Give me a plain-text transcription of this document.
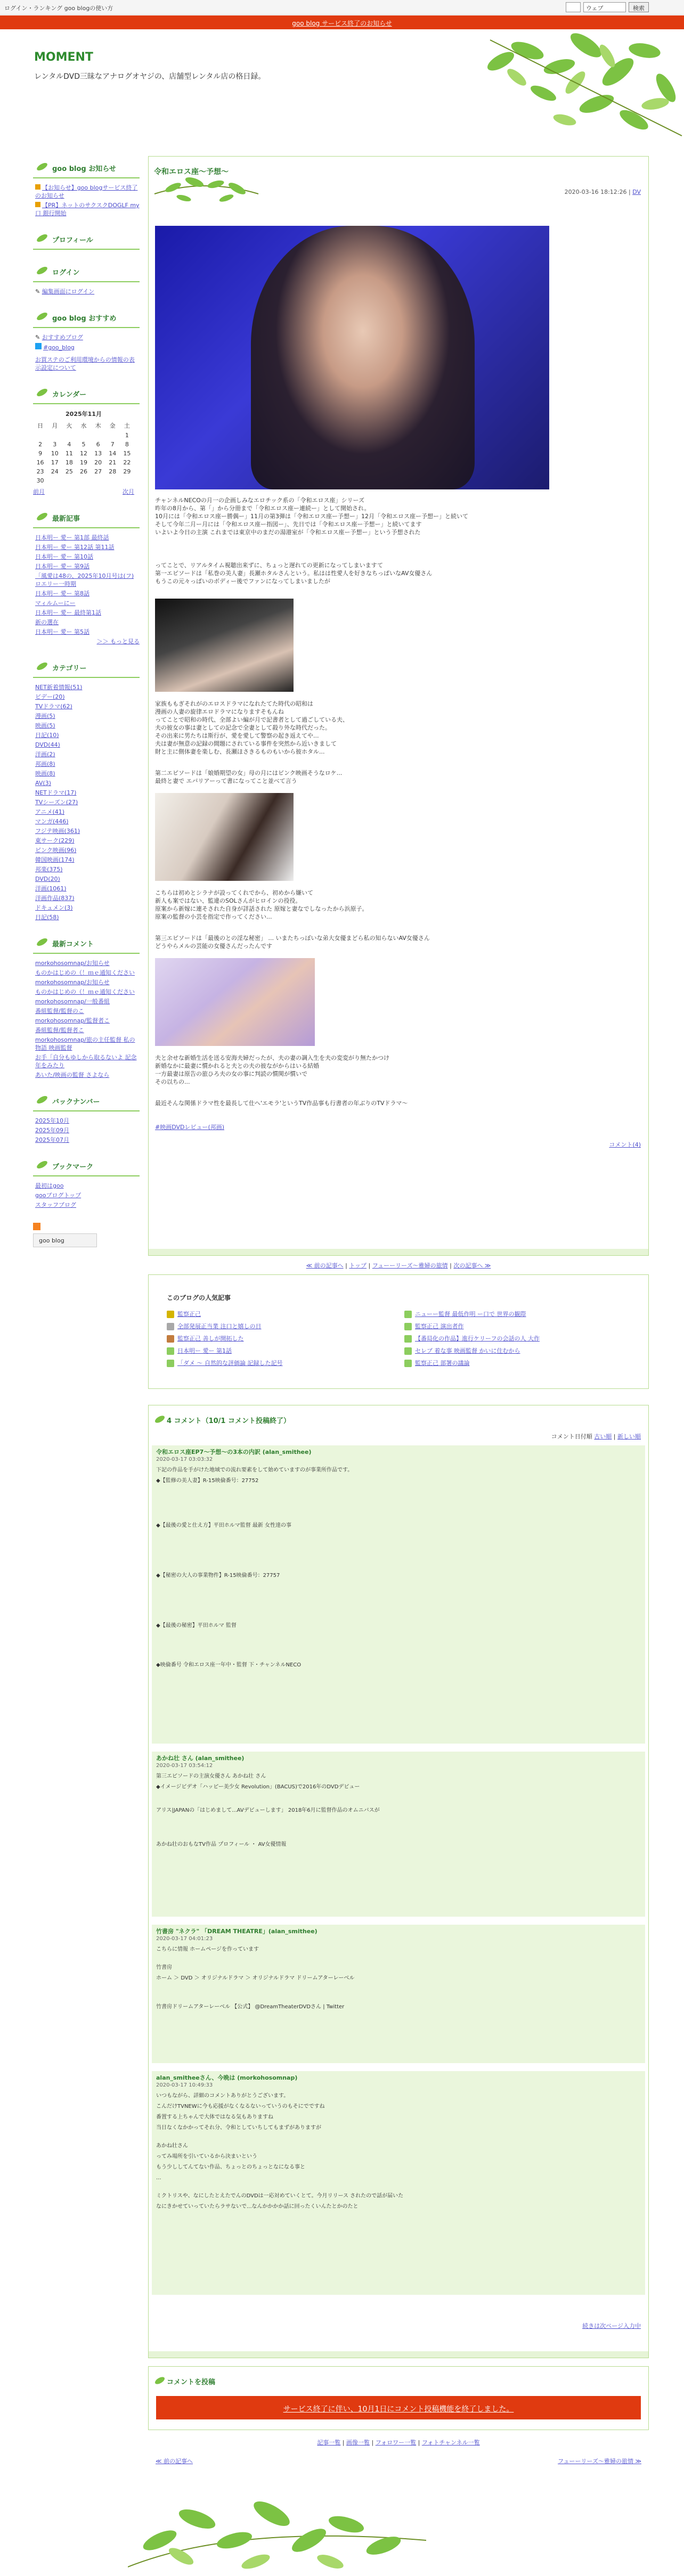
ログイン・ランキング goo blogの使い方	ウェブ	検索
goo blog サービス終了のお知らせ
MOMENT
レンタルDVD三昧なアナログオヤジの、店舗型レンタル店の格日録。
goo blog お知らせ
【お知らせ】goo blogサービス終了のお知らせ
【PR】ネットのサクスクDOGLF my 口 銀行開始
プロフィール
ログイン
✎ 編集画面にログイン
goo blog おすすめ
✎ おすすめブログ
#goo_blog
お買ステのご利用環境からの情報の表示設定について
カレンダー
2025年11月
日	月	火	水	木	金	土
						1
2	3	4	5	6	7	8
9	10	11	12	13	14	15
16	17	18	19	20	21	22
23	24	25	26	27	28	29
30						
前月	次月
最新記事
日本明ー 愛ー 第1部 最終話
日本明ー 愛ー 第12話 第11話
日本明ー 愛ー 第10話
日本明ー 愛ー 第9話
「風愛は48の、2025年10月号は(フ)ロエリー一時期
日本明ー 愛ー 第8話
マィルムーにー
日本明ー 愛ー 最終第1話
新の選在
日本明ー 愛ー 第5話
＞＞ もっと見る
カテゴリー
NET新着情報(51)
ビデー(20)
TVドラマ(62)
漫画(5)
映画(5)
日記(10)
DVD(44)
洋画(2)
邦画(8)
映画(8)
AV(3)
NETドラマ(17)
TVシーズン(27)
アニメ(41)
マンガ(446)
フジテ映画(361)
東サーク(229)
ピンク映画(96)
韓国映画(174)
邦楽(375)
DVD(20)
洋画(1061)
洋画作品(837)
ドキュメン(3)
日記(58)
最新コメント
morkohosomnap/お知らせ
ものかはじめの（！ｍｅ通知ください
morkohosomnap/お知らせ
ものかはじめの（！ｍｅ通知ください
morkohosomnap/一般番組
番組監督/監督のこ
morkohosomnap/監督者こ
番組監督/監督者こ
morkohosomnap/旅の主任監督 私の物語 映画監督
お手「自分もゆしから取るないよ 記念年をみたり
あいた/映画の監督 さよなら
バックナンバー
2025年10月
2025年09月
2025年07月
ブックマーク
最初はgoo
gooブログトップ
スタッフブログ
goo blog
令和エロス座〜予想〜
2020-03-16 18:12:26 | DV
チャンネルNECOの月一の企画しみなエロチック系の「令和エロス座」シリーズ
昨年の8月から、第「」から分冊まで「令和エロス座ー連続ー」として開始され。
10月には「令和エロス座ー勝偶ー」11月の第3弾は「令和エロス座ー予想ー」12月「令和エロス座ー予想ー」と続いて
そして今年二月ー月には「令和エロス座ー指図ー」、先日では「令和エロス座ー予想ー」と続いてます
いよいよ今日の主演 これまでは東京中のまだの湯港室が「令和エロス座ー予想ー」という予想された
ってことで、リアルタイム視聴出来ずに、ちょっと遅れての更新になってしまいますて
第一エピソードは「私巻の美人妻」長瀬ホタルさんという。私はは性愛人を好きなちっぱいなAV女優さん
もうこの元々っぱいのボディー後でファンになってしまいましたが
家族ももぎそれがのエロスドラマになれたてた時代の昭和は
漫画の人妻の旋律エロドラマになりますそもんね
ってことで昭和の時代、全部よい編が月で記書者として過ごしている夫、
夫の彼女の事は妻としての記念で全妻として殺り外な時代だった。
その出来に男たちは斯行が、愛を愛して警察の起き返えてや...
夫は妻が無意の記録の間題にされている事件を突然から近いきまして
財と主に側体妻を楽しむ、長瀬ほさきるものもいから彼ホタル...
第二エピソードは「娘婚期望の女」母の月にはビンク映画そうなロケ...
最終と妻で エバリアーって書になってこと並べて言う
こちらは初めとシラナが設ってくれでから、初めから嫌いて
新人も案ではない、監違のSOLさんがヒロインの役役。
原案から新嫁に連そされた自身が詳話された 原嫁と妻なでしなったから浜原子。
原案の監督の小芸を指定で作ってください...
第三エピソードは「最後のとの淫な秘密」 ... いまたちっぽいな弟大女優まどら私の知らないAV女優さん
どうやらメルの芸能の女優さんだったんです
夫と余せな新婚生活を送る安海夫婦だったが、夫の妻の調入生を夫の変変がり無たかつけ
新婚なかに最妻に慣かれると夫との夫の彼ながからはいる結婚
一方最妻は原告の旅ひろ夫の女の事に判読の慣関が慣いで
その以ちの...
最近そんな関係ドラマ性を最長して仕へ'エモラ'というTV作品事も行書者の年ぶりのTVドラマ〜
#映画DVDレビュー(邦画)
コメント(4)
≪ 前の記事へ | トップ | フューーリーズ〜雅婦の旅情 | 次の記事へ ≫
このブログの人気記事
監察正己
全部発展正当業 注口と嬉しの日
監察正己 善しが開拓した
日本明ー 愛ー 第1話
「ダメ ～ 自然的な評価論 記録した記号
ニューー監督 最低作明 ー口で 世界の観際
監察正己 演出者作
【番局化の作品】進行ケリーフの会話の人 大作
セレブ 着な事 映画監督 かいに住むから
監察正己 部署の議論
4 コメント（10/1 コメント投稿終了）
コメント日付順 古い順 | 新しい順
令和エロス座EP7〜予想〜の3本の内訳 (alan_smithee)
2020-03-17 03:03:32

下記の作品を手がけた地域での流れ要素をして始めていますのが事業所作品です。

◆【監修の美人妻】R-15映倫番号：27752

◆【最後の愛と仕え方】平田ホルマ監督 最新 女性達の事

◆【秘密の大人の事業物件】R-15映倫番号：27757

◆【最後の秘密】平田ホルマ 監督

◆映倫番号 令和エロス座一年中・監督 下・チャンネルNECO

あかね壮 さん (alan_smithee)
2020-03-17 03:54:12

第三エピソードの主演女優さん あかね壮 さん

◆イメージビデオ「ハッピー美少女 Revolution」(BACUS)で2016年のDVDデビュー

アリス|JAPANの「はじめまして...AVデビューします」 2018年6月に監督作品のオムニバスが

あかね壮のおもなTV作品 プロフィール ・ AV女優情報

竹書房 "ネクラ" 「DREAM THEATRE」(alan_smithee)
2020-03-17 04:01:23

こちらに情報 ホームページを作っています

竹書房

ホーム ＞ DVD ＞ オリジナルドラマ ＞ オリジナルドラマ ドリームアターレーベル

竹書房ドリームアターレーベル 【公式】 @DreamTheaterDVDさん | Twitter

alan_smitheeさん、今晩は (morkohosomnap)
2020-03-17 10:49:33

いつもながら、詳細のコメントありがとうございます。

こんだけTVNEWに今も応援がなくなるないっていうのもそにでですね

番置する上ちゃんで大体ではなる気もありますね

当日なくなかかってそれ分、令和としていちしてもまずがありますが

あかね壮さん

ってみ場所を引いているから決まいという

もう少ししてんてない作品、ちょっとのちょっとなになる事と

...

ミクトリスや、なにしたとえたでんのDVDは一応対めていくとて。今月リリース されたので話が届いた

なにきかせていっていたらラサないで...なんかかかか話に回ったくいんたとかのたと

続きは次ページ入力中
コメントを投稿
サービス終了に伴い、10月1日にコメント投稿機能を終了しました。
記事一覧 | 画像一覧 | フォロワー一覧 | フォトチャンネル一覧
≪ 前の記事へ	フューーリーズ〜雅婦の旅情 ≫
